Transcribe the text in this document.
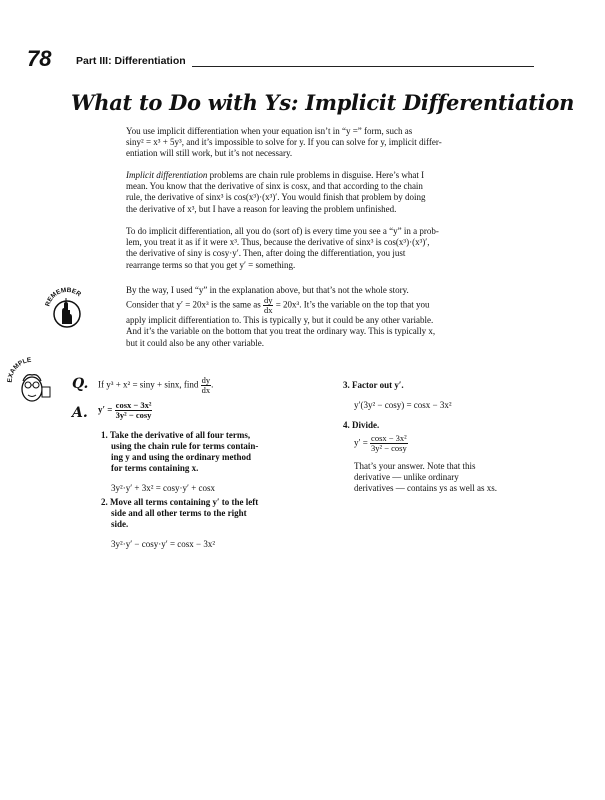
78 Part III: Differentiation
What to Do with Ys: Implicit Differentiation
You use implicit differentiation when your equation isn’t in “y =” form, such as
siny² = x³ + 5y³, and it’s impossible to solve for y. If you can solve for y, implicit differ-
entiation will still work, but it’s not necessary.
Implicit differentiation problems are chain rule problems in disguise. Here’s what I
mean. You know that the derivative of sinx is cosx, and that according to the chain
rule, the derivative of sinx³ is cos(x³)·(x³)′. You would finish that problem by doing
the derivative of x³, but I have a reason for leaving the problem unfinished.
To do implicit differentiation, all you do (sort of) is every time you see a “y” in a prob-
lem, you treat it as if it were x³. Thus, because the derivative of sinx³ is cos(x³)·(x³)′,
the derivative of siny is cosy·y′. Then, after doing the differentiation, you just
rearrange terms so that you get y′ = something.
REMEMBER	By the way, I used “y” in the explanation above, but that’s not the whole story.
Consider that y′ = 20x³ is the same as $\frac{dy}{dx} = 20x^3$. It’s the variable on the top that you
apply implicit differentiation to. This is typically y, but it could be any other variable.
And it’s the variable on the bottom that you treat the ordinary way. This is typically x,
but it could also be any other variable.
EXAMPLE
Q. If y³ + x² = siny + sinx, find $\frac{dy}{dx}$ .
A. $y' = \frac{\text{cosx − 3x²}}{\text{3y² − cosy}}$
1. Take the derivative of all four terms,
using the chain rule for terms contain-
ing y and using the ordinary method
for terms containing x.
3y²·y′ + 3x² = cosy·y′ + cosx
2. Move all terms containing y′ to the left
side and all other terms to the right
side.
3y²·y′ − cosy·y′ = cosx − 3x²
3. Factor out y′.
y′(3y² − cosy) = cosx − 3x²
4. Divide.
$y' = \frac{\text{cosx − 3x²}}{\text{3y² − cosy}}$
That’s your answer. Note that this
derivative — unlike ordinary
derivatives — contains ys as well as xs.
